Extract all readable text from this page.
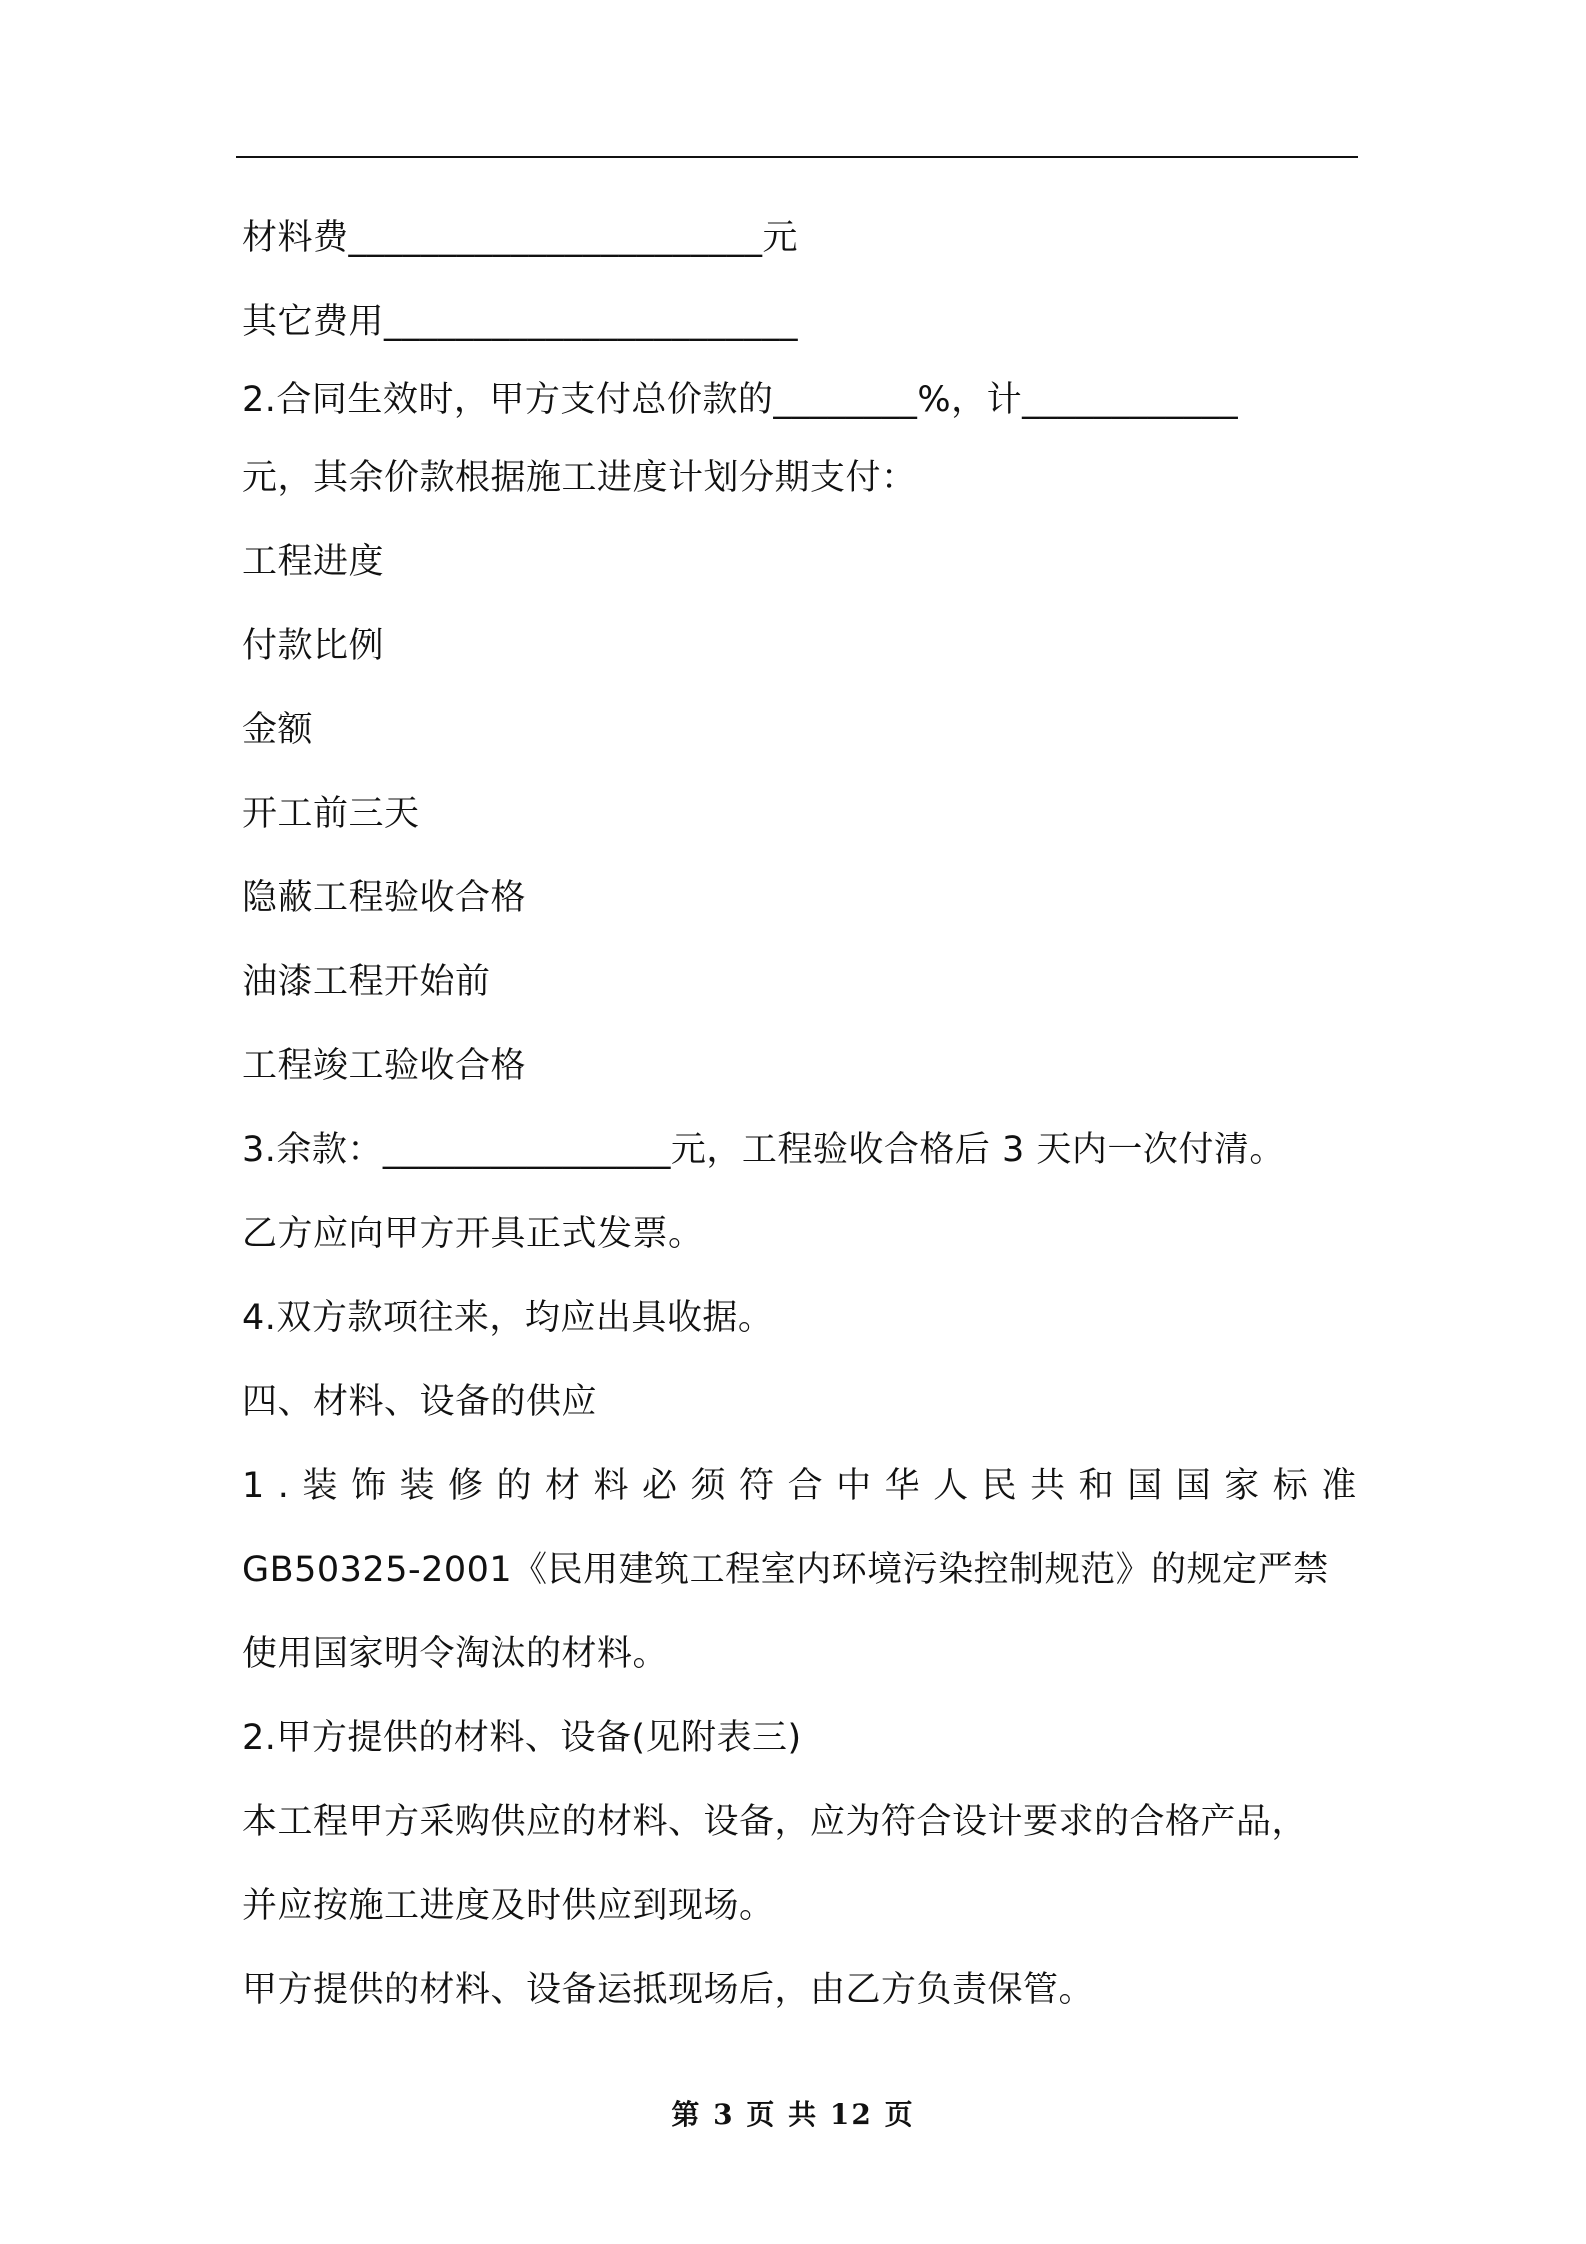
材料费_______________________元
其它费用_______________________
2.合同生效时，甲方支付总价款的________%，计____________
元，其余价款根据施工进度计划分期支付：
工程进度
付款比例
金额
开工前三天
隐蔽工程验收合格
油漆工程开始前
工程竣工验收合格
3.余款：________________元，工程验收合格后 3 天内一次付清。
乙方应向甲方开具正式发票。
4.双方款项往来，均应出具收据。
四、材料、设备的供应
1 . 装 饰 装 修 的 材 料 必 须 符 合 中 华 人 民 共 和 国 国 家 标 准
GB50325-2001《民用建筑工程室内环境污染控制规范》的规定严禁
使用国家明令淘汰的材料。
2.甲方提供的材料、设备(见附表三)
本工程甲方采购供应的材料、设备，应为符合设计要求的合格产品，
并应按施工进度及时供应到现场。
甲方提供的材料、设备运抵现场后，由乙方负责保管。
第 3 页 共 12 页
